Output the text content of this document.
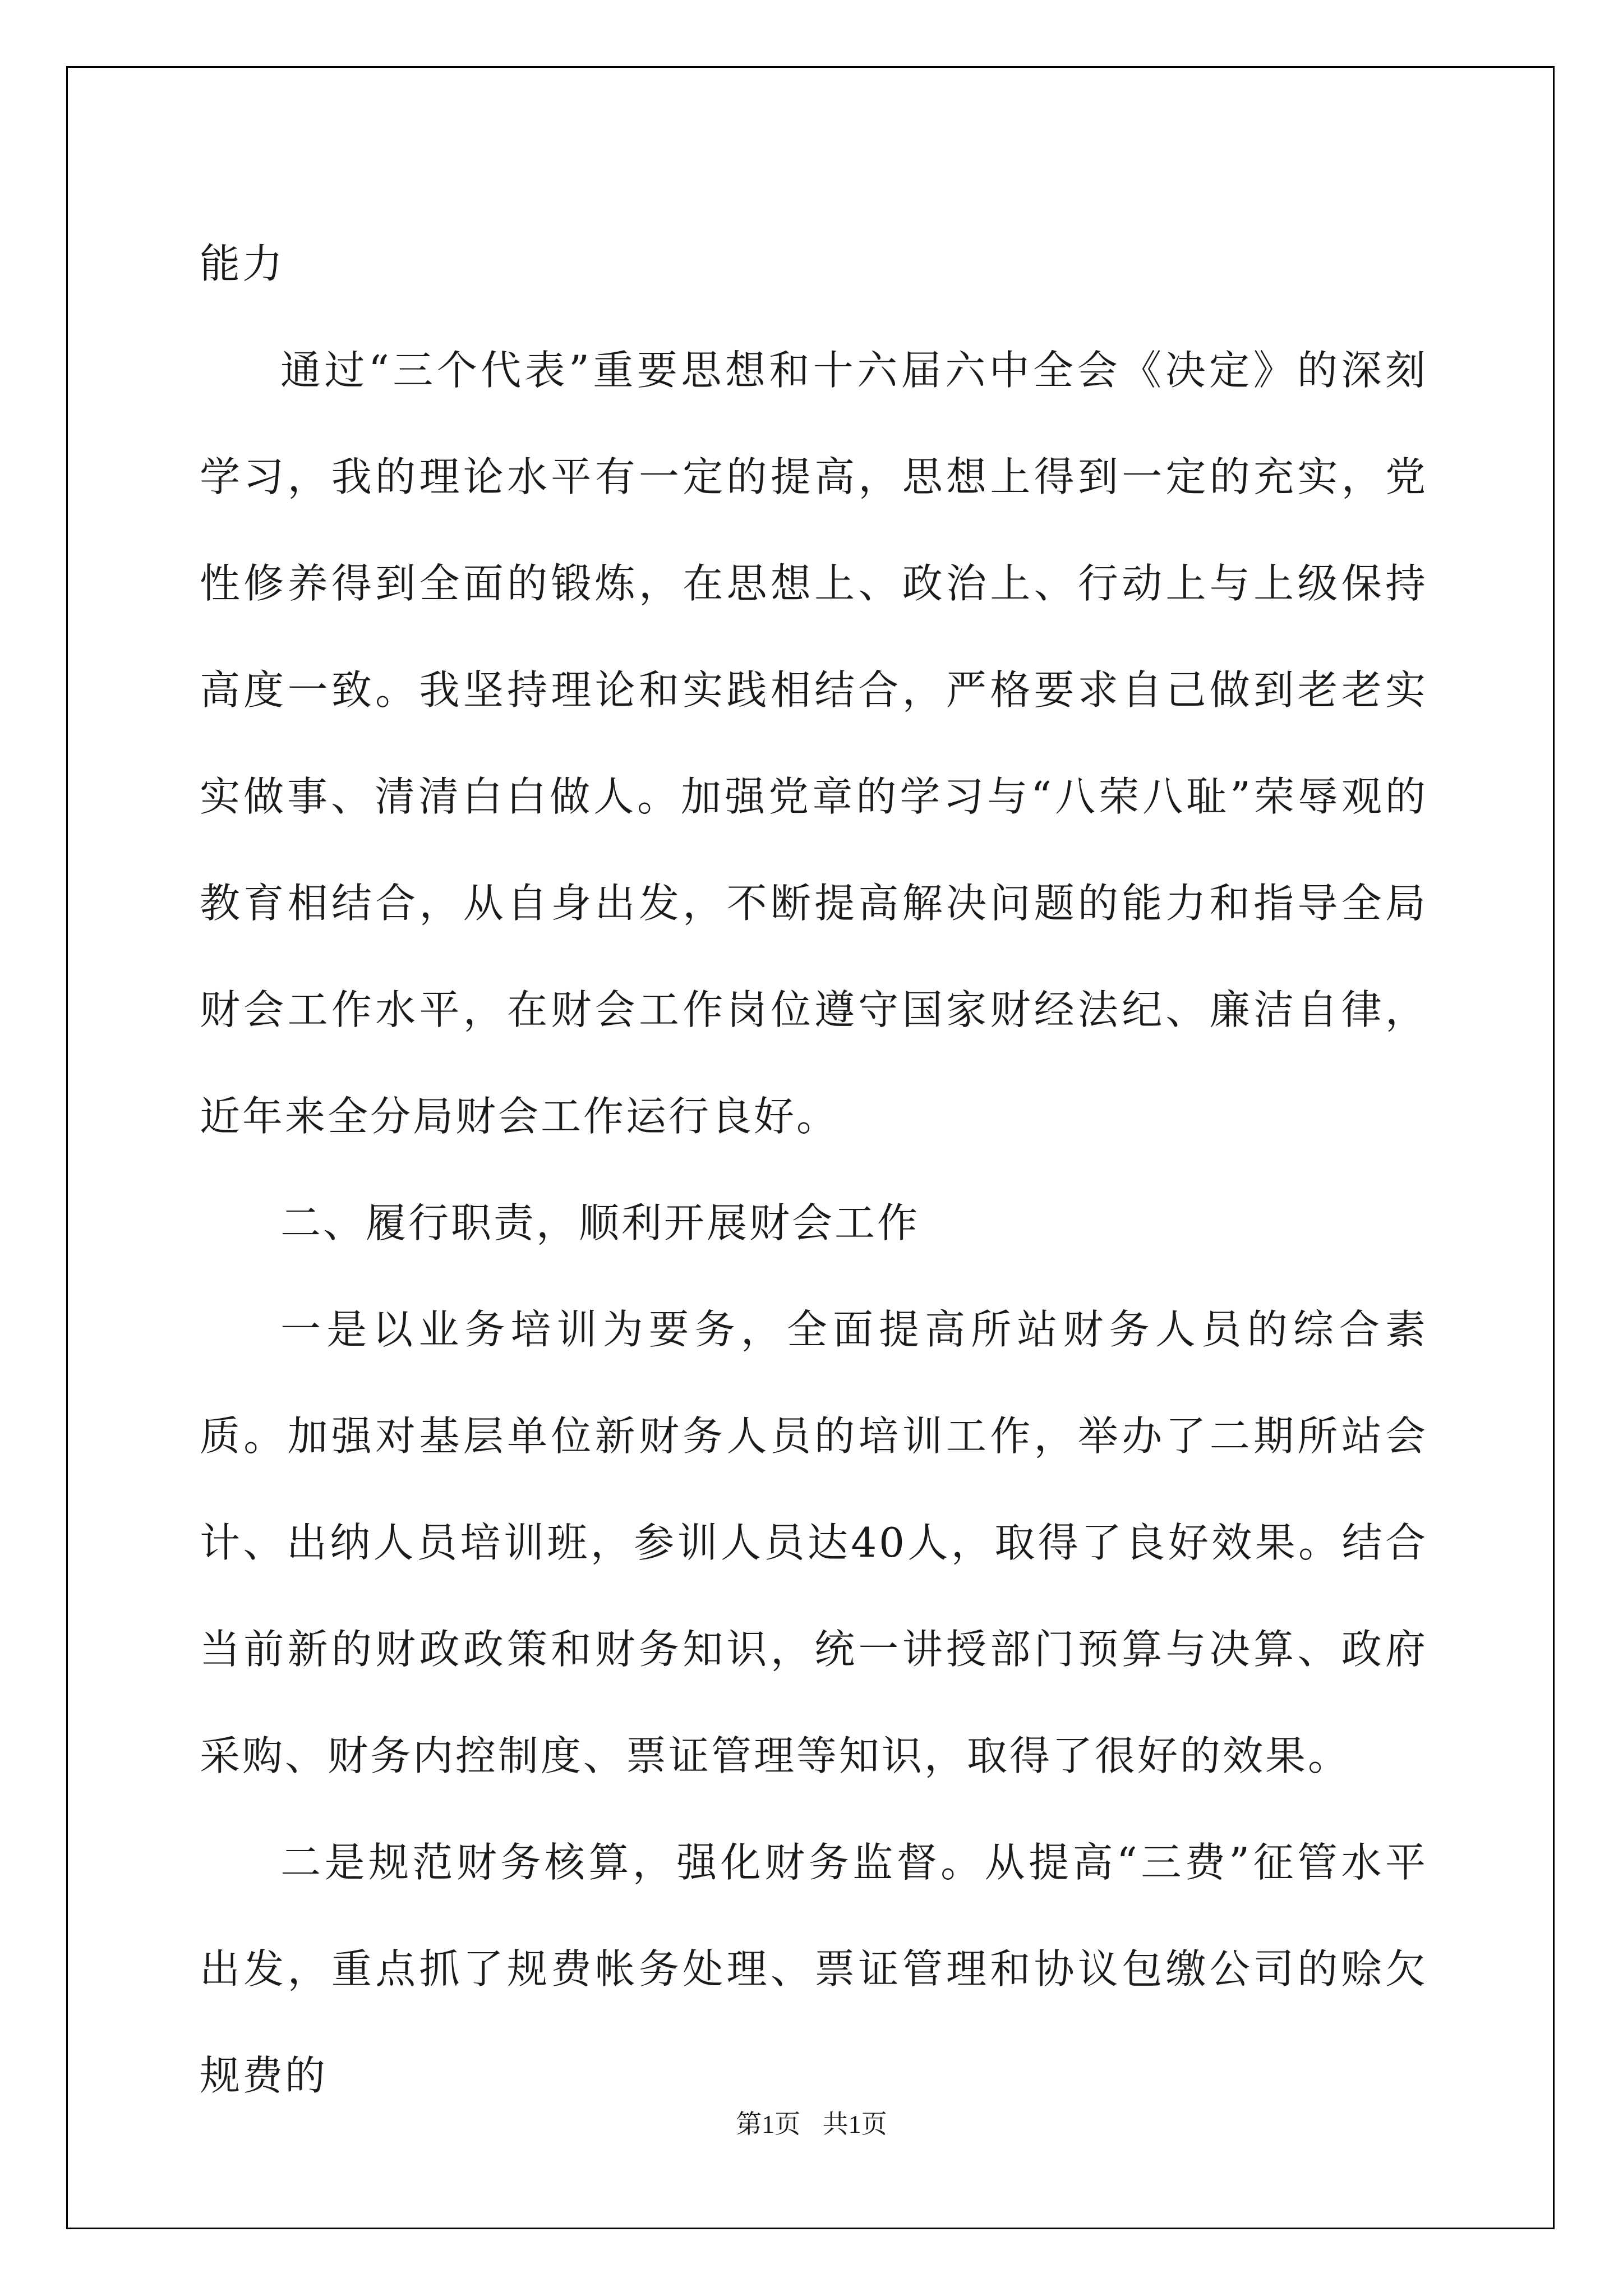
能力

通过“三个代表”重要思想和十六届六中全会《决定》的深刻学习，我的理论水平有一定的提高，思想上得到一定的充实，党性修养得到全面的锻炼，在思想上、政治上、行动上与上级保持高度一致。我坚持理论和实践相结合，严格要求自己做到老老实实做事、清清白白做人。加强党章的学习与“八荣八耻”荣辱观的教育相结合，从自身出发，不断提高解决问题的能力和指导全局财会工作水平，在财会工作岗位遵守国家财经法纪、廉洁自律，近年来全分局财会工作运行良好。

二、履行职责，顺利开展财会工作

一是以业务培训为要务，全面提高所站财务人员的综合素质。加强对基层单位新财务人员的培训工作，举办了二期所站会计、出纳人员培训班，参训人员达40人，取得了良好效果。结合当前新的财政政策和财务知识，统一讲授部门预算与决算、政府采购、财务内控制度、票证管理等知识，取得了很好的效果。

二是规范财务核算，强化财务监督。从提高“三费”征管水平出发，重点抓了规费帐务处理、票证管理和协议包缴公司的赊欠规费的

第1页 共1页
